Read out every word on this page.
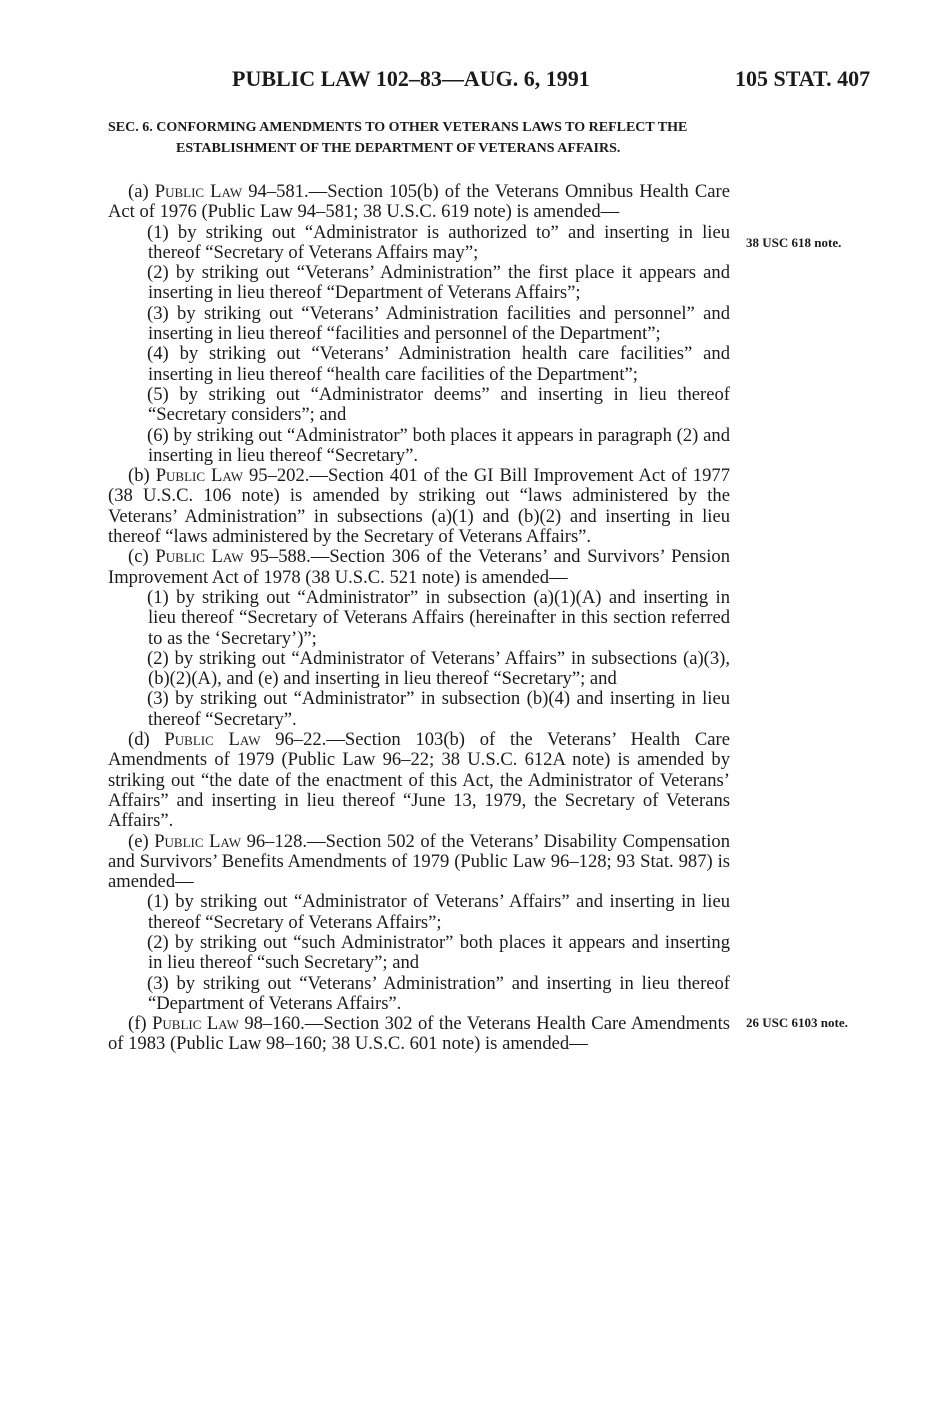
PUBLIC LAW 102–83—AUG. 6, 1991	105 STAT. 407
SEC. 6. CONFORMING AMENDMENTS TO OTHER VETERANS LAWS TO REFLECT THE ESTABLISHMENT OF THE DEPARTMENT OF VETERANS AFFAIRS.
38 USC 618 note.
26 USC 6103 note.

(a) Public Law 94–581.—Section 105(b) of the Veterans Omnibus Health Care Act of 1976 (Public Law 94–581; 38 U.S.C. 619 note) is amended—

(1) by striking out “Administrator is authorized to” and inserting in lieu thereof “Secretary of Veterans Affairs may”;

(2) by striking out “Veterans’ Administration” the first place it appears and inserting in lieu thereof “Department of Veterans Affairs”;

(3) by striking out “Veterans’ Administration facilities and personnel” and inserting in lieu thereof “facilities and personnel of the Department”;

(4) by striking out “Veterans’ Administration health care facilities” and inserting in lieu thereof “health care facilities of the Department”;

(5) by striking out “Administrator deems” and inserting in lieu thereof “Secretary considers”; and

(6) by striking out “Administrator” both places it appears in paragraph (2) and inserting in lieu thereof “Secretary”.

(b) Public Law 95–202.—Section 401 of the GI Bill Improvement Act of 1977 (38 U.S.C. 106 note) is amended by striking out “laws administered by the Veterans’ Administration” in subsections (a)(1) and (b)(2) and inserting in lieu thereof “laws administered by the Secretary of Veterans Affairs”.

(c) Public Law 95–588.—Section 306 of the Veterans’ and Survivors’ Pension Improvement Act of 1978 (38 U.S.C. 521 note) is amended—

(1) by striking out “Administrator” in subsection (a)(1)(A) and inserting in lieu thereof “Secretary of Veterans Affairs (hereinafter in this section referred to as the ‘Secretary’)”;

(2) by striking out “Administrator of Veterans’ Affairs” in subsections (a)(3), (b)(2)(A), and (e) and inserting in lieu thereof “Secretary”; and

(3) by striking out “Administrator” in subsection (b)(4) and inserting in lieu thereof “Secretary”.

(d) Public Law 96–22.—Section 103(b) of the Veterans’ Health Care Amendments of 1979 (Public Law 96–22; 38 U.S.C. 612A note) is amended by striking out “the date of the enactment of this Act, the Administrator of Veterans’ Affairs” and inserting in lieu thereof “June 13, 1979, the Secretary of Veterans Affairs”.

(e) Public Law 96–128.—Section 502 of the Veterans’ Disability Compensation and Survivors’ Benefits Amendments of 1979 (Public Law 96–128; 93 Stat. 987) is amended—

(1) by striking out “Administrator of Veterans’ Affairs” and inserting in lieu thereof “Secretary of Veterans Affairs”;

(2) by striking out “such Administrator” both places it appears and inserting in lieu thereof “such Secretary”; and

(3) by striking out “Veterans’ Administration” and inserting in lieu thereof “Department of Veterans Affairs”.

(f) Public Law 98–160.—Section 302 of the Veterans Health Care Amendments of 1983 (Public Law 98–160; 38 U.S.C. 601 note) is amended—
